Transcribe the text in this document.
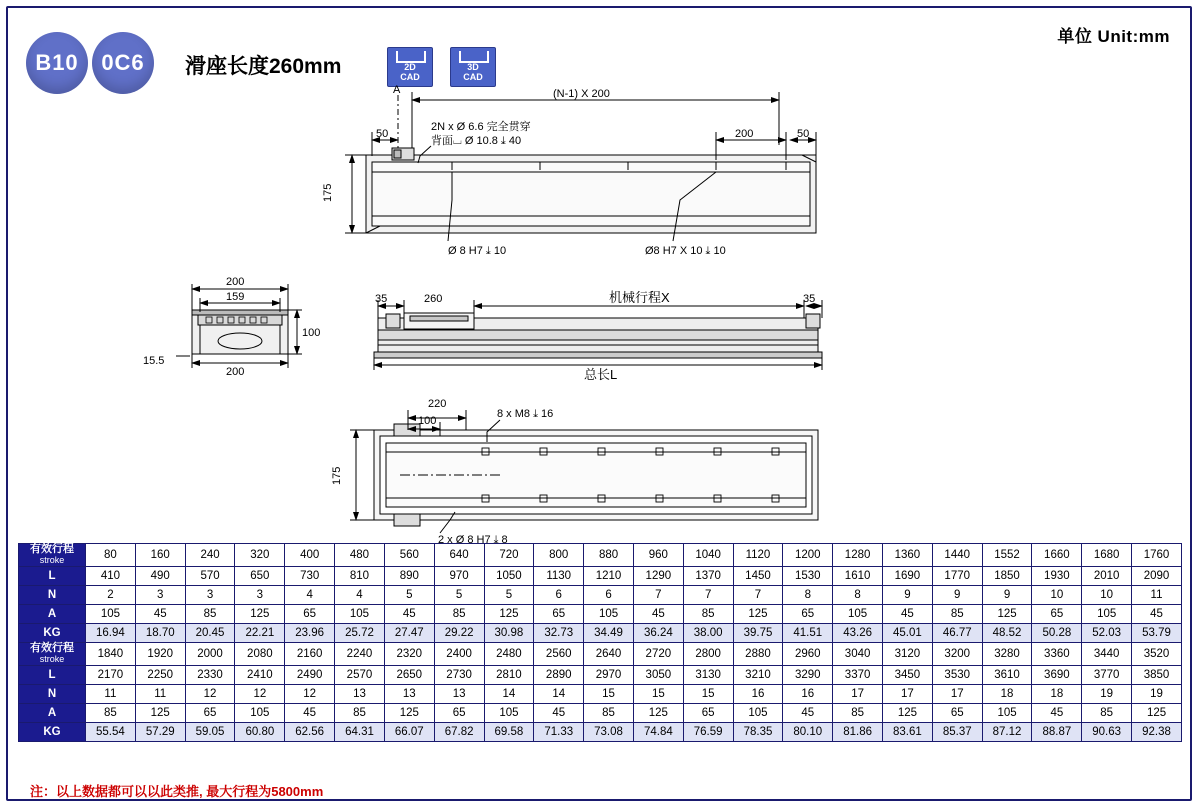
单位 Unit:mm
B10	0C6	滑座长度260mm	2D
CAD
3D
CAD
A	(N-1) X 200
50	200	50
175
2N x Ø 6.6 完全贯穿
背面⌴ Ø 10.8 ⤓ 40
Ø 8 H7 ⤓ 10	Ø8 H7 X 10 ⤓ 10
200
159
100
200
15.5
35	260	机械行程X	35
总长L
220
100
8 x M8 ⤓ 16
175
2 x Ø 8 H7 ⤓ 8
有效行程
stroke	80	160	240	320	400	480	560	640	720	800	880	960	1040	1120	1200	1280	1360	1440	1552	1660	1680	1760
L	410	490	570	650	730	810	890	970	1050	1130	1210	1290	1370	1450	1530	1610	1690	1770	1850	1930	2010	2090
N	2	3	3	3	4	4	5	5	5	6	6	7	7	7	8	8	9	9	9	10	10	11
A	105	45	85	125	65	105	45	85	125	65	105	45	85	125	65	105	45	85	125	65	105	45
KG	16.94	18.70	20.45	22.21	23.96	25.72	27.47	29.22	30.98	32.73	34.49	36.24	38.00	39.75	41.51	43.26	45.01	46.77	48.52	50.28	52.03	53.79
有效行程
stroke	1840	1920	2000	2080	2160	2240	2320	2400	2480	2560	2640	2720	2800	2880	2960	3040	3120	3200	3280	3360	3440	3520
L	2170	2250	2330	2410	2490	2570	2650	2730	2810	2890	2970	3050	3130	3210	3290	3370	3450	3530	3610	3690	3770	3850
N	11	11	12	12	12	13	13	13	14	14	15	15	15	16	16	17	17	17	18	18	19	19
A	85	125	65	105	45	85	125	65	105	45	85	125	65	105	45	85	125	65	105	45	85	125
KG	55.54	57.29	59.05	60.80	62.56	64.31	66.07	67.82	69.58	71.33	73.08	74.84	76.59	78.35	80.10	81.86	83.61	85.37	87.12	88.87	90.63	92.38
注：以上数据都可以以此类推, 最大行程为5800mm
